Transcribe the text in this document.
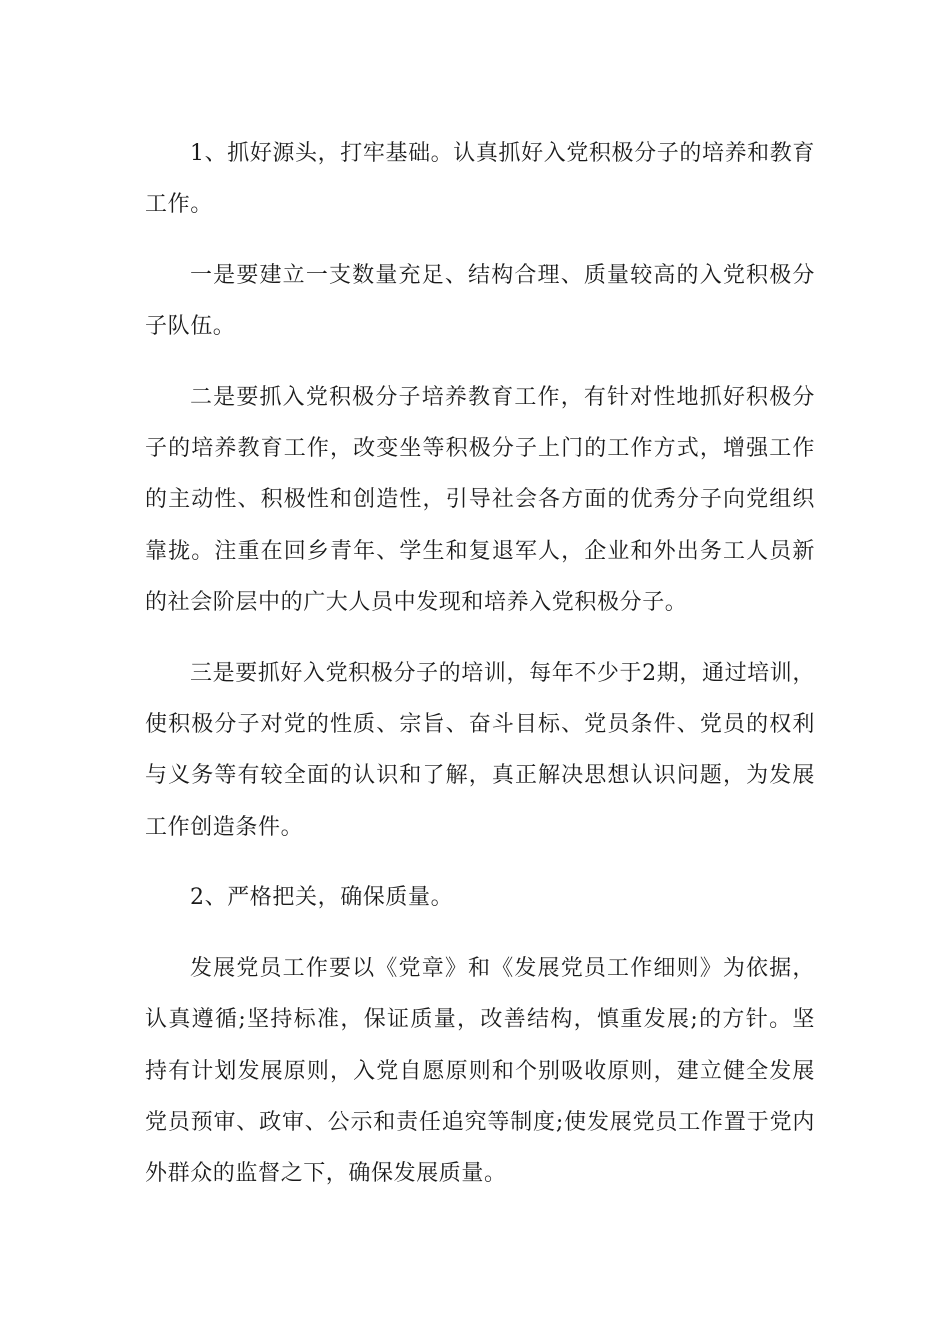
1、抓好源头，打牢基础。认真抓好入党积极分子的培养和教育工作。

一是要建立一支数量充足、结构合理、质量较高的入党积极分子队伍。

二是要抓入党积极分子培养教育工作，有针对性地抓好积极分子的培养教育工作，改变坐等积极分子上门的工作方式，增强工作的主动性、积极性和创造性，引导社会各方面的优秀分子向党组织靠拢。注重在回乡青年、学生和复退军人，企业和外出务工人员新的社会阶层中的广大人员中发现和培养入党积极分子。

三是要抓好入党积极分子的培训，每年不少于2期，通过培训，使积极分子对党的性质、宗旨、奋斗目标、党员条件、党员的权利与义务等有较全面的认识和了解，真正解决思想认识问题，为发展工作创造条件。

2、严格把关，确保质量。

发展党员工作要以《党章》和《发展党员工作细则》为依据，认真遵循;坚持标准，保证质量，改善结构，慎重发展;的方针。坚持有计划发展原则，入党自愿原则和个别吸收原则，建立健全发展党员预审、政审、公示和责任追究等制度;使发展党员工作置于党内外群众的监督之下，确保发展质量。
